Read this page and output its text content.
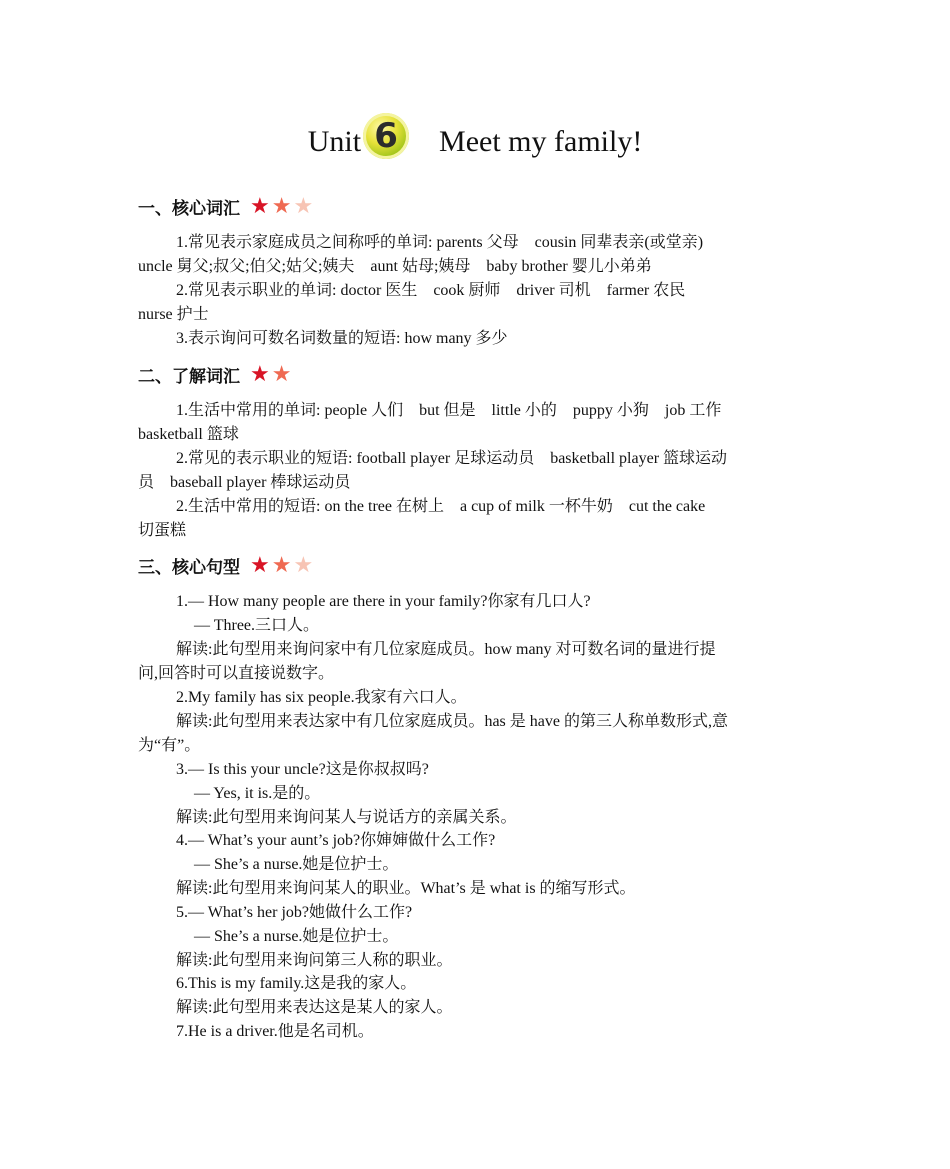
Unit 6	Meet my family!
一、核心词汇 ★ ★ ★
1.常见表示家庭成员之间称呼的单词: parents 父母　cousin 同辈表亲(或堂亲)
uncle 舅父;叔父;伯父;姑父;姨夫　aunt 姑母;姨母　baby brother 婴儿小弟弟
2.常见表示职业的单词: doctor 医生　cook 厨师　driver 司机　farmer 农民
nurse 护士
3.表示询问可数名词数量的短语: how many 多少
二、了解词汇 ★ ★
1.生活中常用的单词: people 人们　but 但是　little 小的　puppy 小狗　job 工作
basketball 篮球
2.常见的表示职业的短语: football player 足球运动员　basketball player 篮球运动
员　baseball player 棒球运动员
2.生活中常用的短语: on the tree 在树上　a cup of milk 一杯牛奶　cut the cake
切蛋糕
三、核心句型 ★ ★ ★
1.— How many people are there in your family?你家有几口人?
— Three.三口人。
解读:此句型用来询问家中有几位家庭成员。how many 对可数名词的量进行提
问,回答时可以直接说数字。
2.My family has six people.我家有六口人。
解读:此句型用来表达家中有几位家庭成员。has 是 have 的第三人称单数形式,意
为“有”。
3.— Is this your uncle?这是你叔叔吗?
— Yes, it is.是的。
解读:此句型用来询问某人与说话方的亲属关系。
4.— What’s your aunt’s job?你婶婶做什么工作?
— She’s a nurse.她是位护士。
解读:此句型用来询问某人的职业。What’s 是 what is 的缩写形式。
5.— What’s her job?她做什么工作?
— She’s a nurse.她是位护士。
解读:此句型用来询问第三人称的职业。
6.This is my family.这是我的家人。
解读:此句型用来表达这是某人的家人。
7.He is a driver.他是名司机。
